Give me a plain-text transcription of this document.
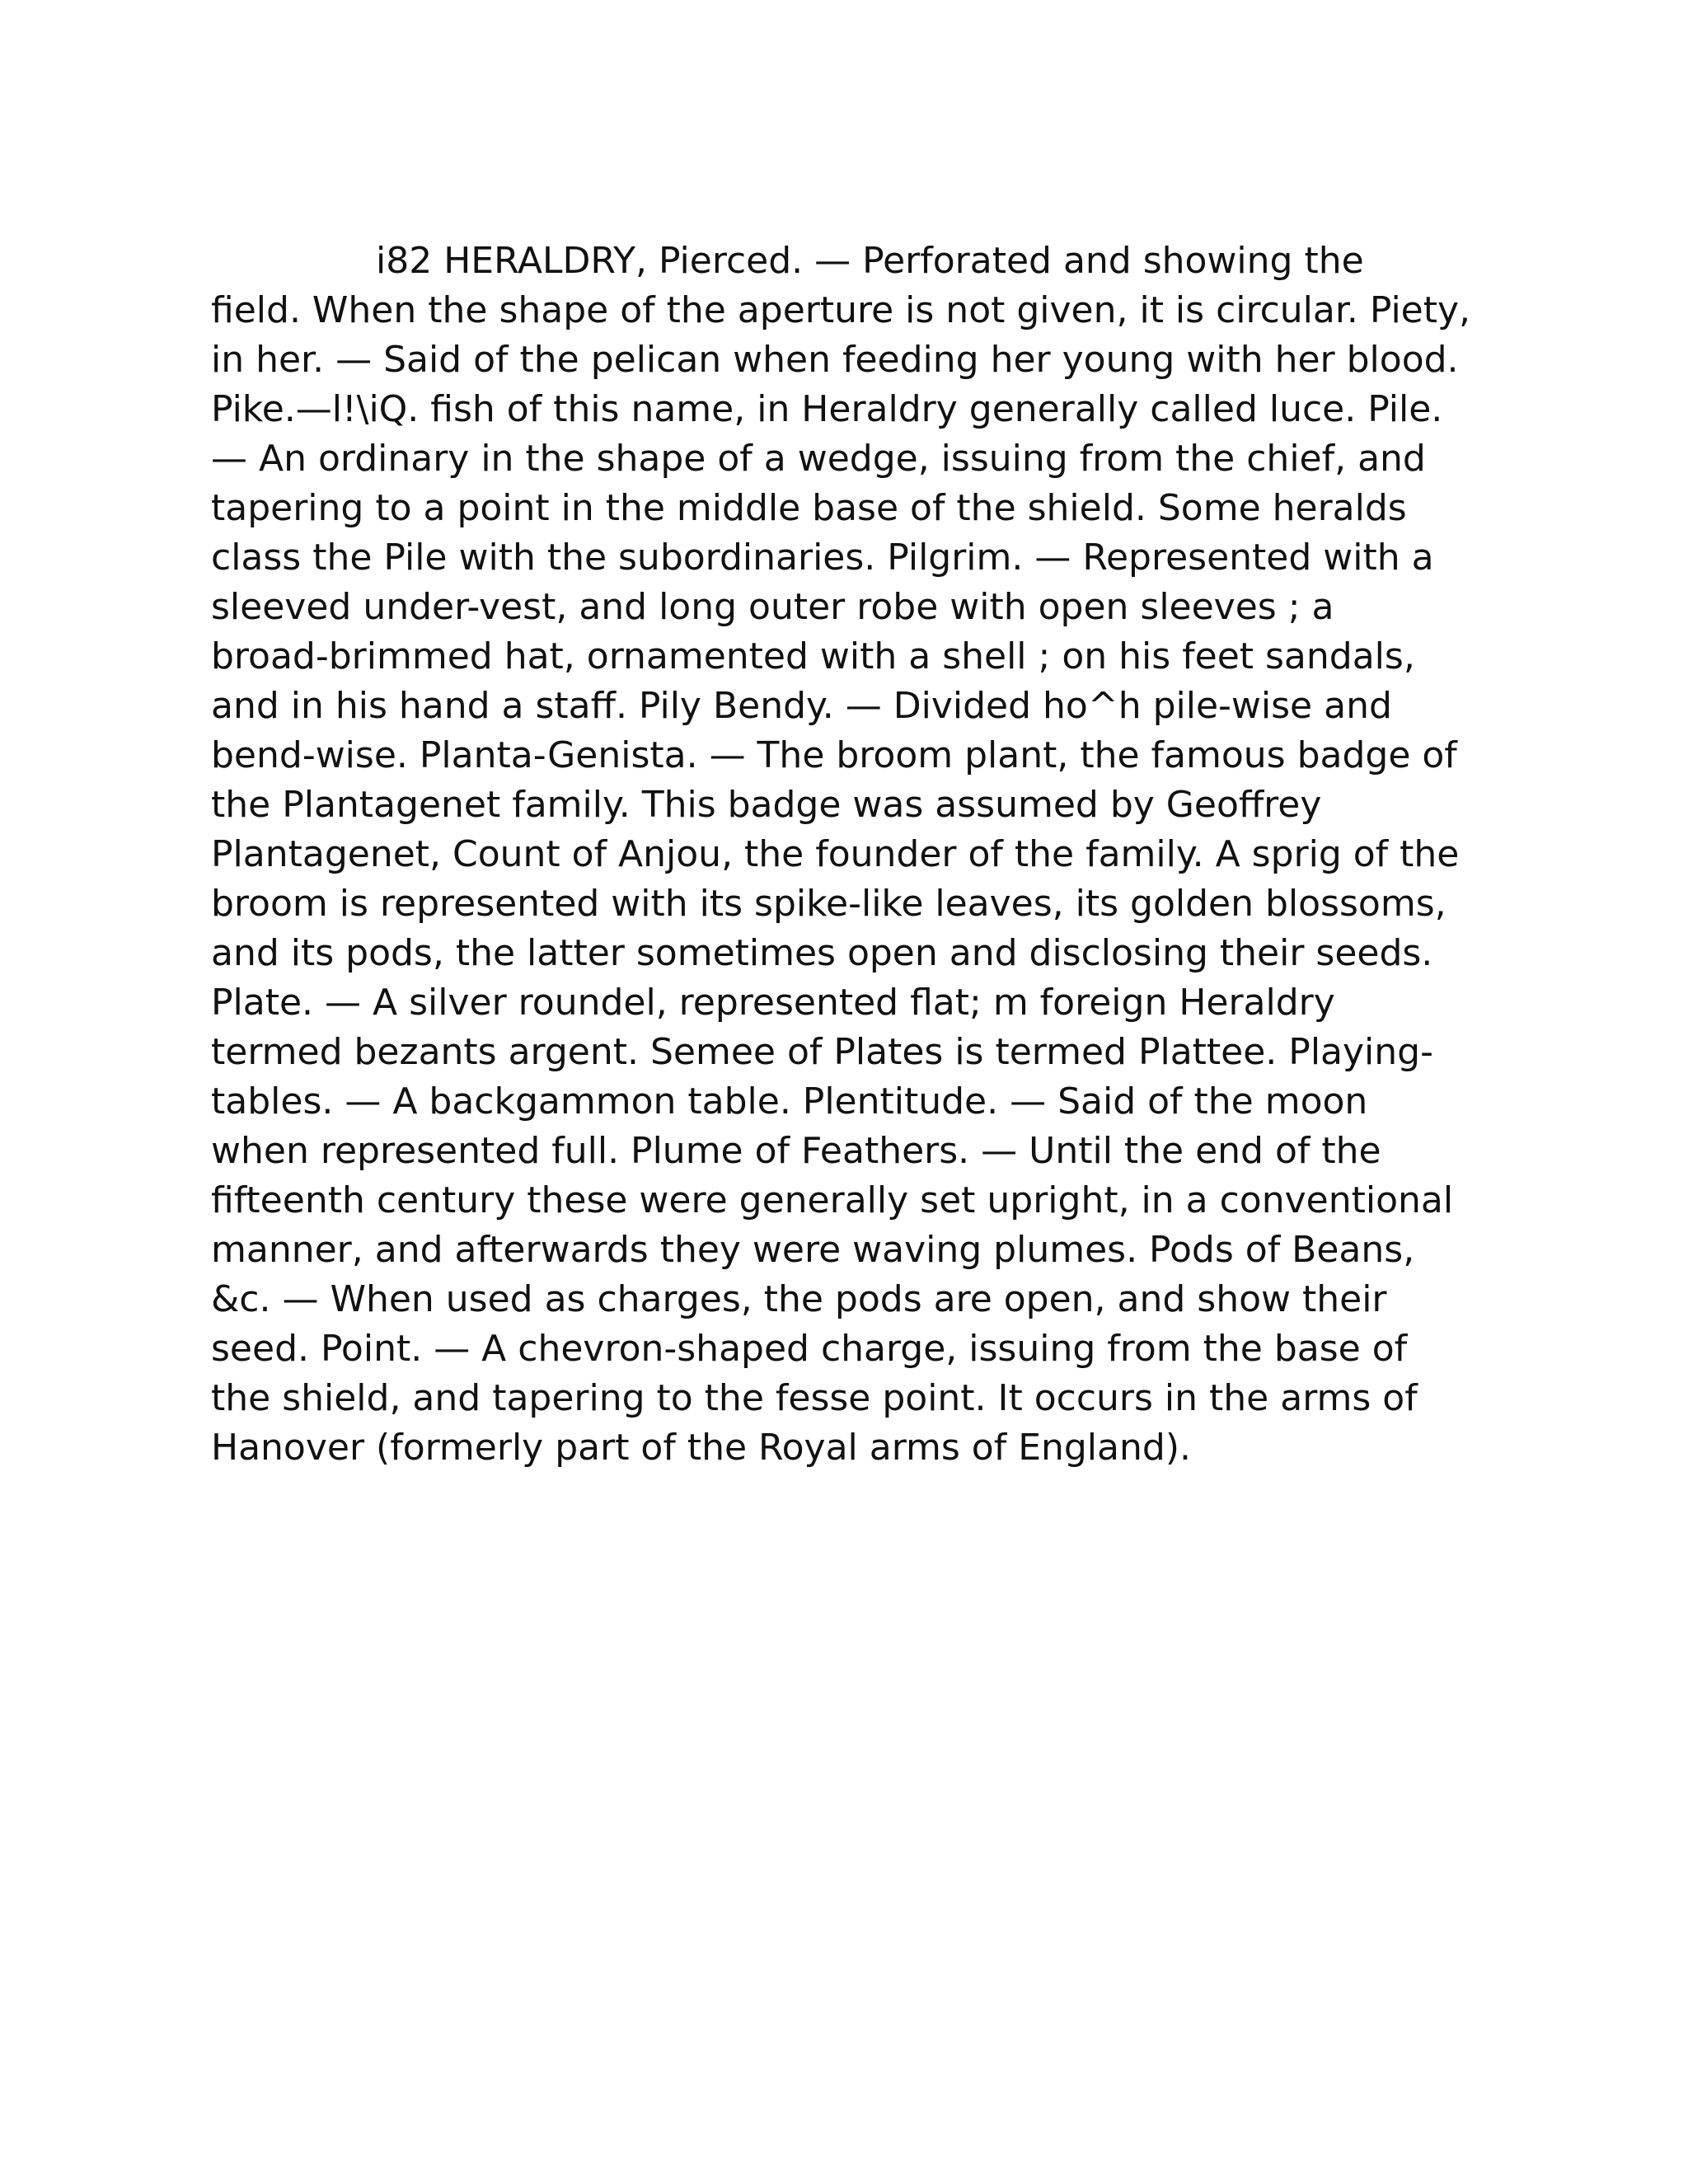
i82 HERALDRY, Pierced. — Perforated and showing the
field. When the shape of the aperture is not given, it is circular. Piety,
in her. — Said of the pelican when feeding her young with her blood.
Pike.—l!\iQ. fish of this name, in Heraldry generally called luce. Pile.
— An ordinary in the shape of a wedge, issuing from the chief, and
tapering to a point in the middle base of the shield. Some heralds
class the Pile with the subordinaries. Pilgrim. — Represented with a
sleeved under-vest, and long outer robe with open sleeves ; a
broad-brimmed hat, ornamented with a shell ; on his feet sandals,
and in his hand a staff. Pily Bendy. — Divided ho^h pile-wise and
bend-wise. Planta-Genista. — The broom plant, the famous badge of
the Plantagenet family. This badge was assumed by Geoffrey
Plantagenet, Count of Anjou, the founder of the family. A sprig of the
broom is represented with its spike-like leaves, its golden blossoms,
and its pods, the latter sometimes open and disclosing their seeds.
Plate. — A silver roundel, represented flat; m foreign Heraldry
termed bezants argent. Semee of Plates is termed Plattee. Playing-
tables. — A backgammon table. Plentitude. — Said of the moon
when represented full. Plume of Feathers. — Until the end of the
fifteenth century these were generally set upright, in a conventional
manner, and afterwards they were waving plumes. Pods of Beans,
&c. — When used as charges, the pods are open, and show their
seed. Point. — A chevron-shaped charge, issuing from the base of
the shield, and tapering to the fesse point. It occurs in the arms of
Hanover (formerly part of the Royal arms of England).
